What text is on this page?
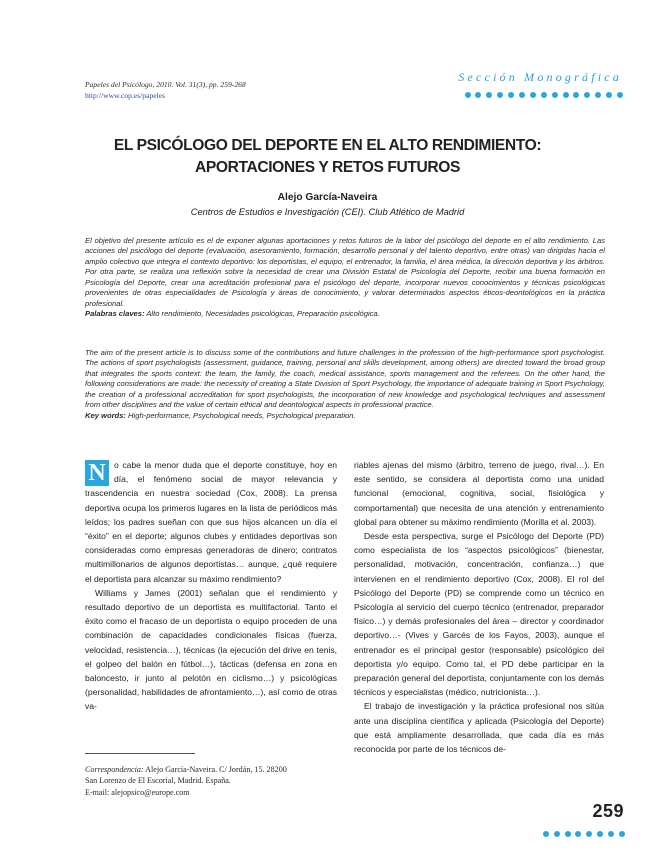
Papeles del Psicólogo, 2010. Vol. 31(3), pp. 259-268
http://www.cop.es/papeles
Sección Monográfica
EL PSICÓLOGO DEL DEPORTE EN EL ALTO RENDIMIENTO:
APORTACIONES Y RETOS FUTUROS
Alejo García-Naveira
Centros de Estudios e Investigación (CEI). Club Atlético de Madrid
El objetivo del presente artículo es el de exponer algunas aportaciones y retos futuros de la labor del psicólogo del deporte en el alto rendimiento. Las acciones del psicólogo del deporte (evaluación, asesoramiento, formación, desarrollo personal y del talento deportivo, entre otras) van dirigidas hacia el amplio colectivo que integra el contexto deportivo: los deportistas, el equipo, el entrenador, la familia, el área médica, la dirección deportiva y los árbitros. Por otra parte, se realiza una reflexión sobre la necesidad de crear una División Estatal de Psicología del Deporte, recibir una buena formación en Psicología del Deporte, crear una acreditación profesional para el psicólogo del deporte, incorporar nuevos conocimientos y técnicas psicológicas provenientes de otras especialidades de Psicología y áreas de conocimiento, y valorar determinados aspectos éticos-deontológicos en la práctica profesional.
Palabras claves: Alto rendimiento, Necesidades psicológicas, Preparación psicológica.
The aim of the present article is to discuss some of the contributions and future challenges in the profession of the high-performance sport psychologist. The actions of sport psychologists (assessment, guidance, training, personal and skills development, among others) are directed toward the broad group that integrates the sports context: the team, the family, the coach, medical assistance, sports management and the referees. On the other hand, the following considerations are made: the necessity of creating a State Division of Sport Psychology, the importance of adequate training in Sport Psychology, the creation of a professional accreditation for sport psychologists, the incorporation of new knowledge and psychological techniques and assessment from other disciplines and the value of certain ethical and deontological aspects in professional practice.
Key words: High-performance, Psychological needs, Psychological preparation.

N o cabe la menor duda que el deporte constituye, hoy en día, el fenómeno social de mayor relevancia y trascendencia en nuestra sociedad (Cox, 2008). La prensa deportiva ocupa los primeros lugares en la lista de periódicos más leídos; los padres sueñan con que sus hijos alcancen un día el “éxito” en el deporte; algunos clubes y entidades deportivas son consideradas como empresas generadoras de dinero; contratos multimillonarios de algunos deportistas… aunque, ¿qué requiere el deportista para alcanzar su máximo rendimiento?

Williams y James (2001) señalan que el rendimiento y resultado deportivo de un deportista es multifactorial. Tanto el éxito como el fracaso de un deportista o equipo proceden de una combinación de capacidades condicionales físicas (fuerza, velocidad, resistencia…), técnicas (la ejecución del drive en tenis, el golpeo del balón en fútbol…), tácticas (defensa en zona en baloncesto, ir junto al pelotón en ciclismo…) y psicológicas (personalidad, habilidades de afrontamiento…), así como de otras va-

riables ajenas del mismo (árbitro, terreno de juego, rival…). En este sentido, se considera al deportista como una unidad funcional (emocional, cognitiva, social, fisiológica y comportamental) que necesita de una atención y entrenamiento global para obtener su máximo rendimiento (Morilla et al. 2003).

Desde esta perspectiva, surge el Psicólogo del Deporte (PD) como especialista de los “aspectos psicológicos” (bienestar, personalidad, motivación, concentración, confianza…) que intervienen en el rendimiento deportivo (Cox, 2008). El rol del Psicólogo del Deporte (PD) se comprende como un técnico en Psicología al servicio del cuerpo técnico (entrenador, preparador físico…) y demás profesionales del área – director y coordinador deportivo…- (Vives y Garcés de los Fayos, 2003), aunque el entrenador es el principal gestor (responsable) psicológico del deportista y/o equipo. Como tal, el PD debe participar en la preparación general del deportista, conjuntamente con los demás técnicos y especialistas (médico, nutricionista…).

El trabajo de investigación y la práctica profesional nos sitúa ante una disciplina científica y aplicada (Psicología del Deporte) que está ampliamente desarrollada, que cada día es más reconocida por parte de los técnicos de-

Correspondencia: Alejo García-Naveira. C/ Jordán, 15. 28200
San Lorenzo de El Escorial, Madrid. España.
E-mail: alejopsico@europe.com
259
